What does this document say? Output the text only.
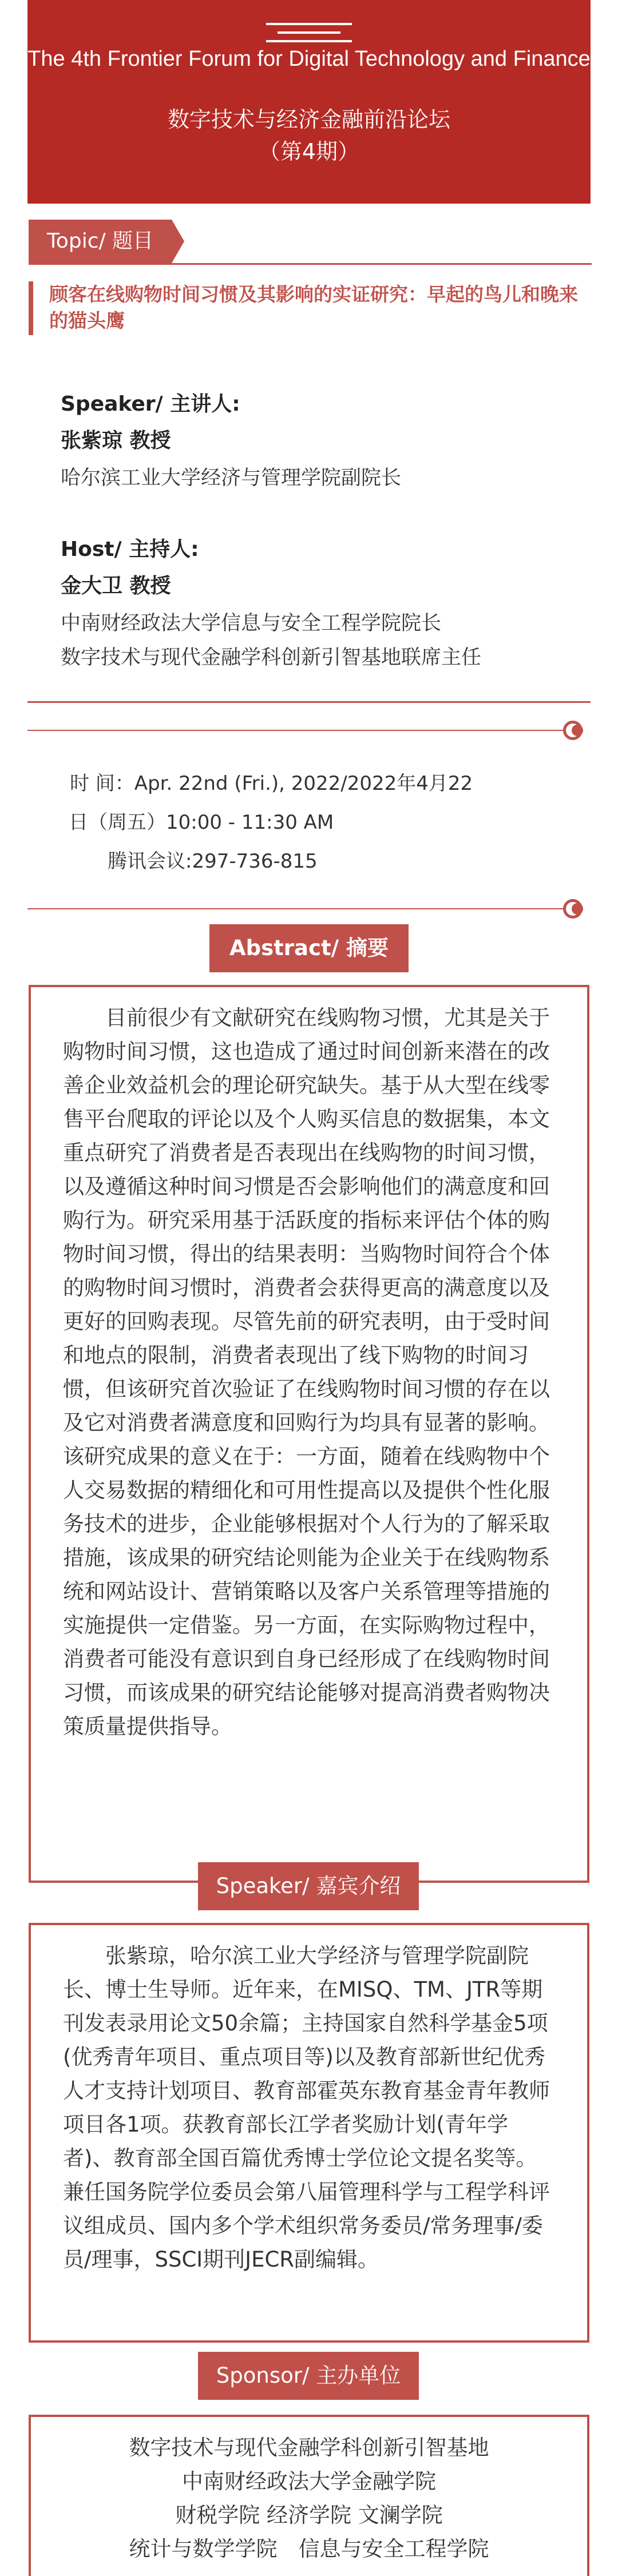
The 4th Frontier Forum for Digital Technology and Finance
数字技术与经济金融前沿论坛
（第4期）
Topic/ 题目
顾客在线购物时间习惯及其影响的实证研究：早起的鸟儿和晚来的猫头鹰
Speaker/ 主讲人:
张紫琼 教授
哈尔滨工业大学经济与管理学院副院长
Host/ 主持人:
金大卫 教授
中南财经政法大学信息与安全工程学院院长
数字技术与现代金融学科创新引智基地联席主任
时 间：Apr. 22nd (Fri.), 2022/2022年4月22
日（周五）10:00 - 11:30 AM
腾讯会议:297-736-815
Abstract/ 摘要

目前很少有文献研究在线购物习惯，尤其是关于购物时间习惯，这也造成了通过时间创新来潜在的改善企业效益机会的理论研究缺失。基于从大型在线零售平台爬取的评论以及个人购买信息的数据集，本文重点研究了消费者是否表现出在线购物的时间习惯，以及遵循这种时间习惯是否会影响他们的满意度和回购行为。研究采用基于活跃度的指标来评估个体的购物时间习惯，得出的结果表明：当购物时间符合个体的购物时间习惯时，消费者会获得更高的满意度以及更好的回购表现。尽管先前的研究表明，由于受时间和地点的限制，消费者表现出了线下购物的时间习惯，但该研究首次验证了在线购物时间习惯的存在以及它对消费者满意度和回购行为均具有显著的影响。该研究成果的意义在于：一方面，随着在线购物中个人交易数据的精细化和可用性提高以及提供个性化服务技术的进步，企业能够根据对个人行为的了解采取措施，该成果的研究结论则能为企业关于在线购物系统和网站设计、营销策略以及客户关系管理等措施的实施提供一定借鉴。另一方面，在实际购物过程中，消费者可能没有意识到自身已经形成了在线购物时间习惯，而该成果的研究结论能够对提高消费者购物决策质量提供指导。

Speaker/ 嘉宾介绍

张紫琼，哈尔滨工业大学经济与管理学院副院长、博士生导师。近年来，在MISQ、TM、JTR等期刊发表录用论文50余篇；主持国家自然科学基金5项(优秀青年项目、重点项目等)以及教育部新世纪优秀人才支持计划项目、教育部霍英东教育基金青年教师项目各1项。获教育部长江学者奖励计划(青年学者)、教育部全国百篇优秀博士学位论文提名奖等。兼任国务院学位委员会第八届管理科学与工程学科评议组成员、国内多个学术组织常务委员/常务理事/委员/理事，SSCI期刊JECR副编辑。

Sponsor/ 主办单位
数字技术与现代金融学科创新引智基地
中南财经政法大学金融学院
财税学院 经济学院 文澜学院
统计与数学学院　信息与安全工程学院
